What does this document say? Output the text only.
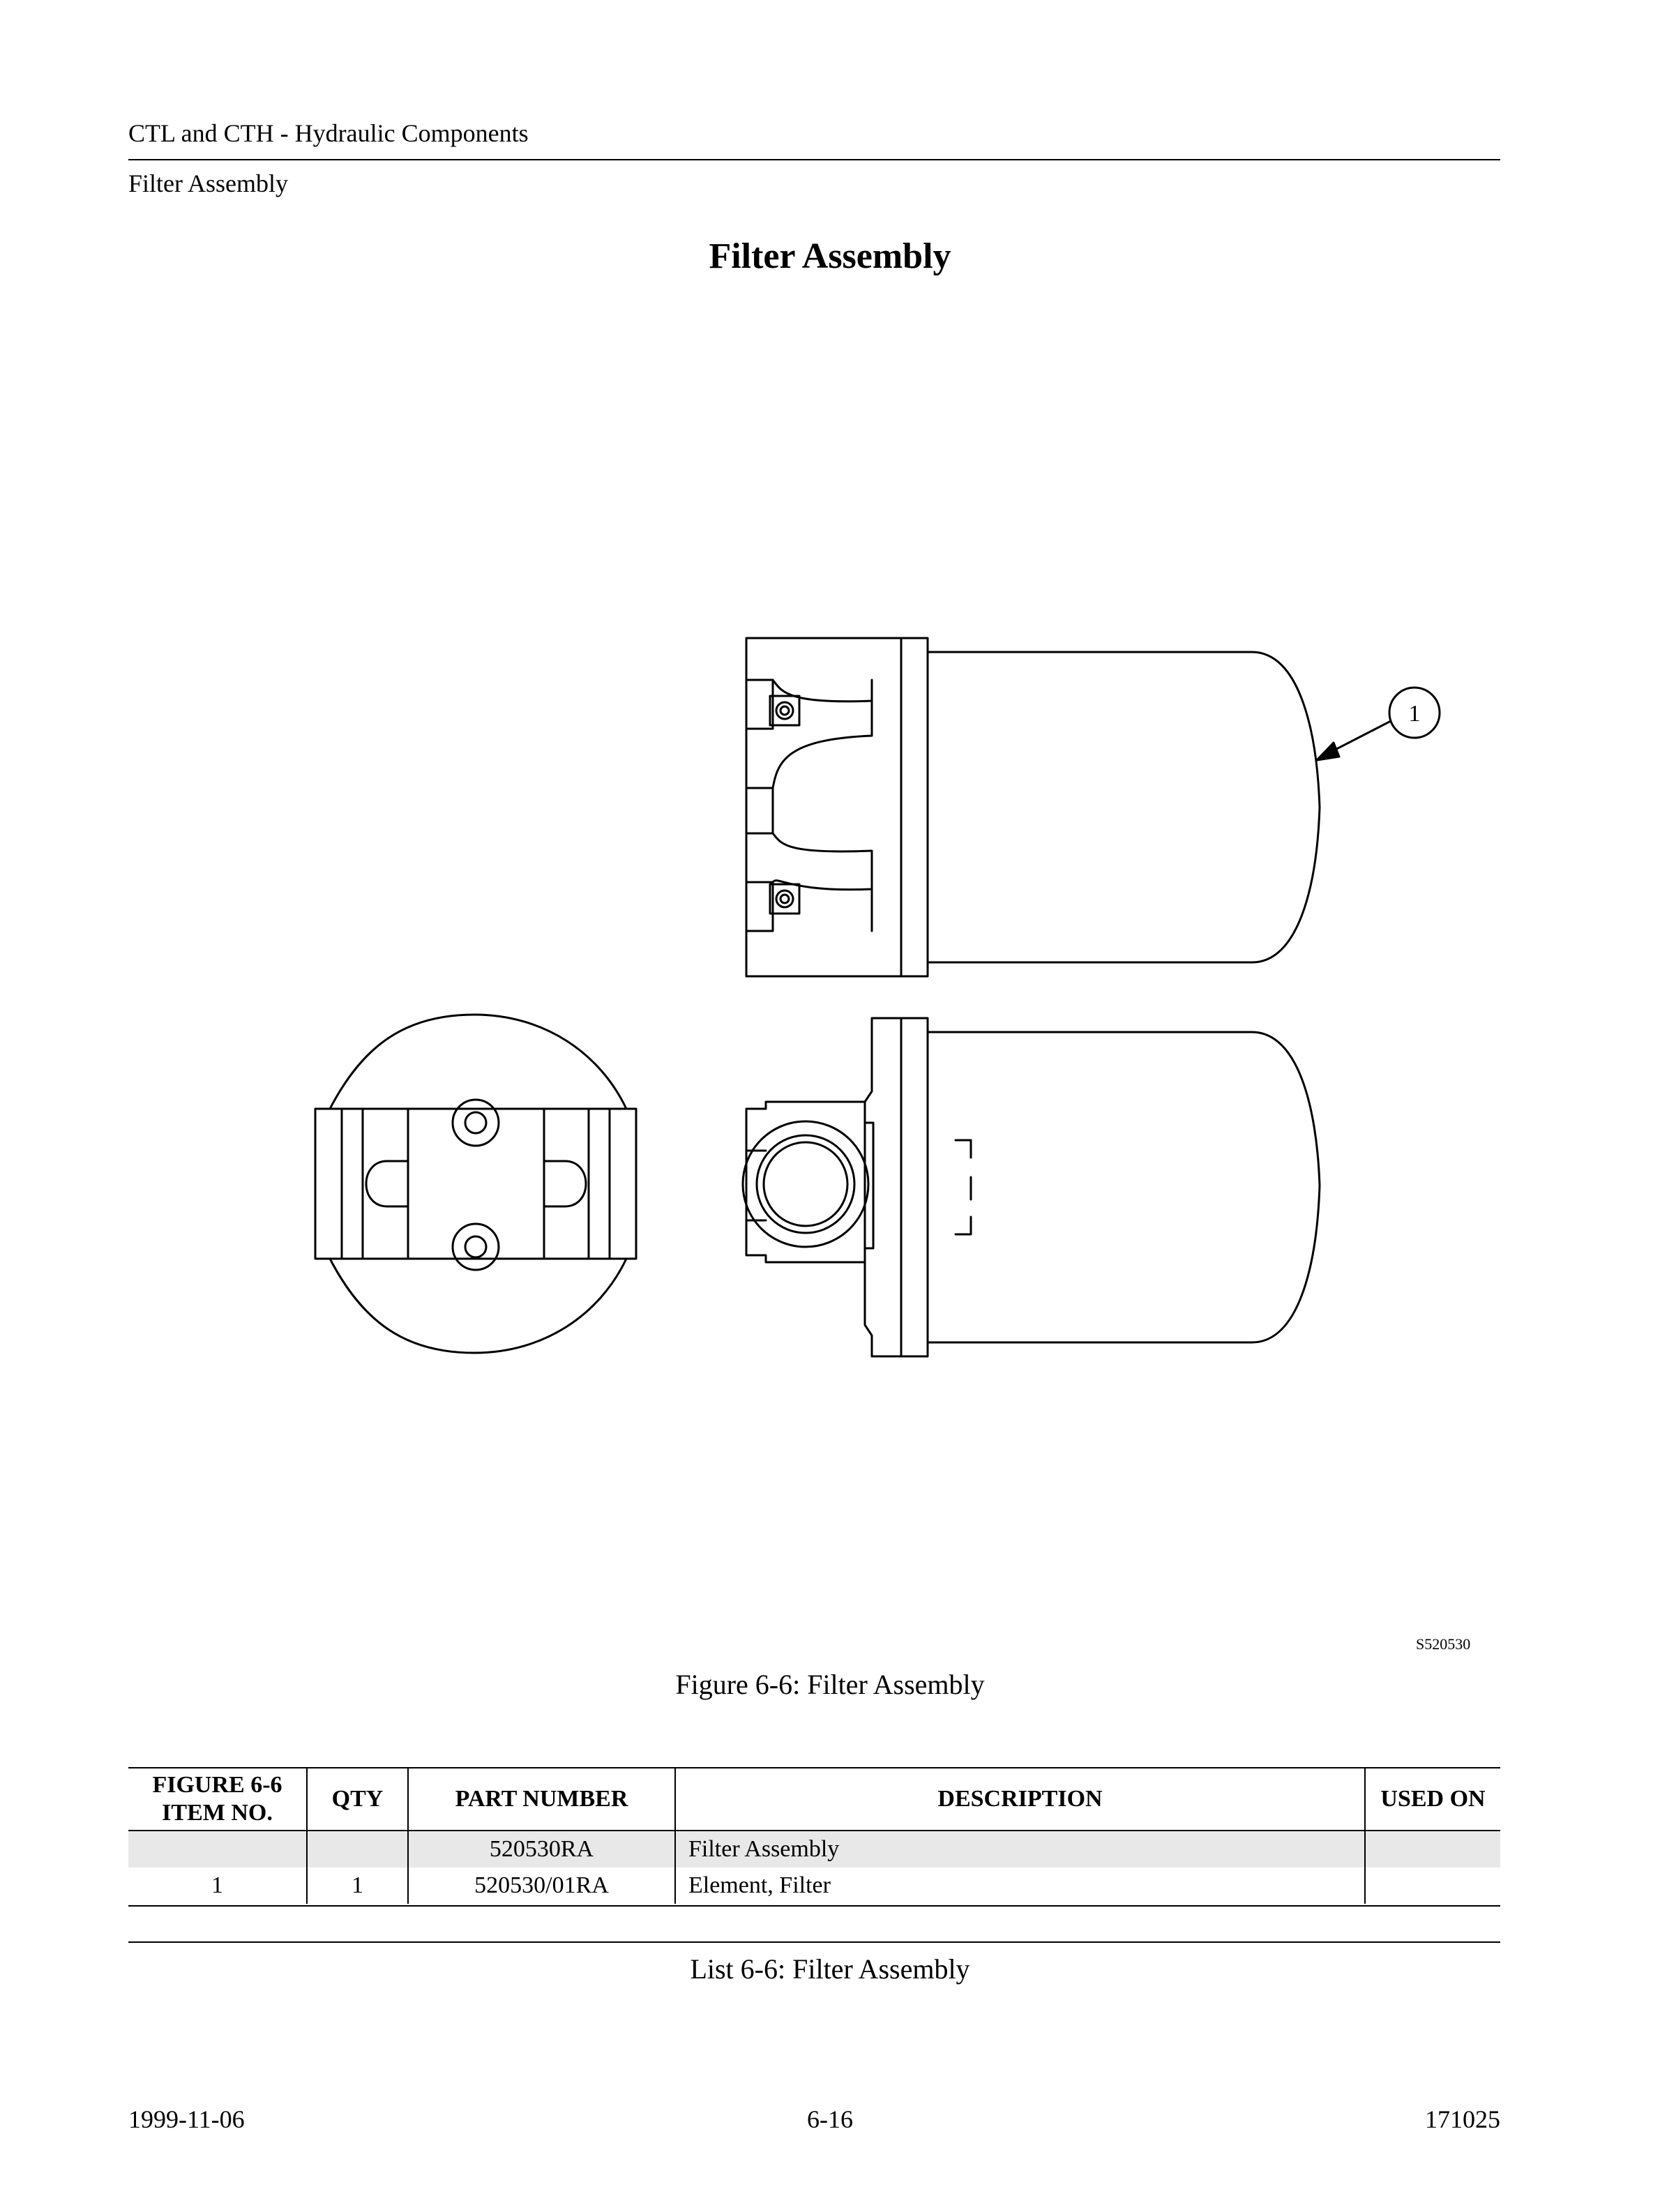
CTL and CTH - Hydraulic Components
Filter Assembly
Filter Assembly
1
S520530
Figure 6-6: Filter Assembly
FIGURE 6-6
ITEM NO.	QTY	PART NUMBER	DESCRIPTION	USED ON
		520530RA	Filter Assembly	
1	1	520530/01RA	Element, Filter	
List 6-6: Filter Assembly
1999-11-06	6-16	171025
